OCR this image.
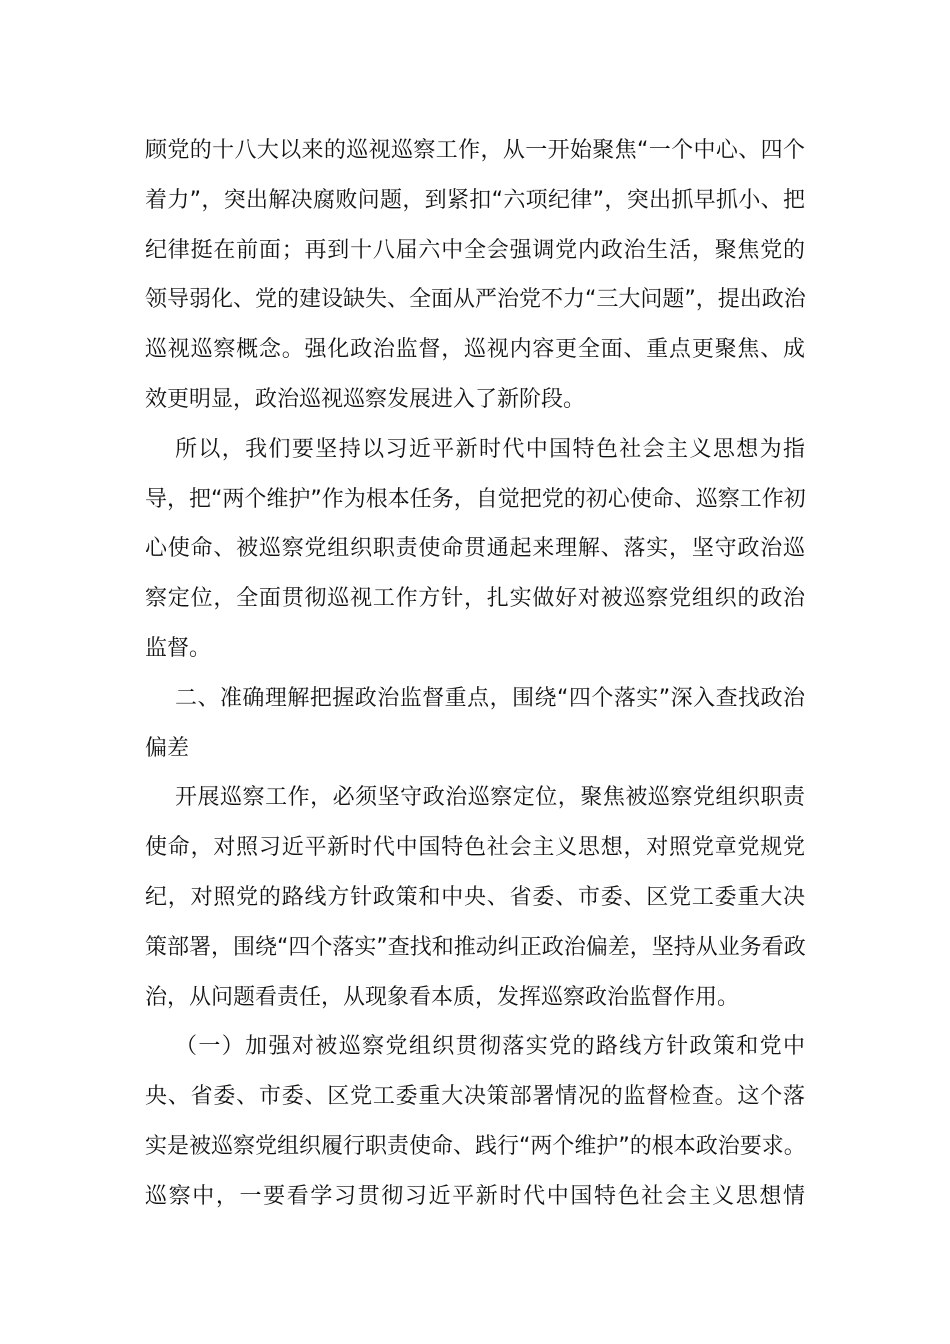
顾党的十八大以来的巡视巡察工作，从一开始聚焦“一个中心、四个
着力”，突出解决腐败问题，到紧扣“六项纪律”，突出抓早抓小、把
纪律挺在前面；再到十八届六中全会强调党内政治生活，聚焦党的
领导弱化、党的建设缺失、全面从严治党不力“三大问题”，提出政治
巡视巡察概念。强化政治监督，巡视内容更全面、重点更聚焦、成
效更明显，政治巡视巡察发展进入了新阶段。
所以，我们要坚持以习近平新时代中国特色社会主义思想为指
导，把“两个维护”作为根本任务，自觉把党的初心使命、巡察工作初
心使命、被巡察党组织职责使命贯通起来理解、落实，坚守政治巡
察定位，全面贯彻巡视工作方针，扎实做好对被巡察党组织的政治
监督。
二、准确理解把握政治监督重点，围绕“四个落实”深入查找政治
偏差
开展巡察工作，必须坚守政治巡察定位，聚焦被巡察党组织职责
使命，对照习近平新时代中国特色社会主义思想，对照党章党规党
纪，对照党的路线方针政策和中央、省委、市委、区党工委重大决
策部署，围绕“四个落实”查找和推动纠正政治偏差，坚持从业务看政
治，从问题看责任，从现象看本质，发挥巡察政治监督作用。
（一）加强对被巡察党组织贯彻落实党的路线方针政策和党中
央、省委、市委、区党工委重大决策部署情况的监督检查。这个落
实是被巡察党组织履行职责使命、践行“两个维护”的根本政治要求。
巡察中，一要看学习贯彻习近平新时代中国特色社会主义思想情
